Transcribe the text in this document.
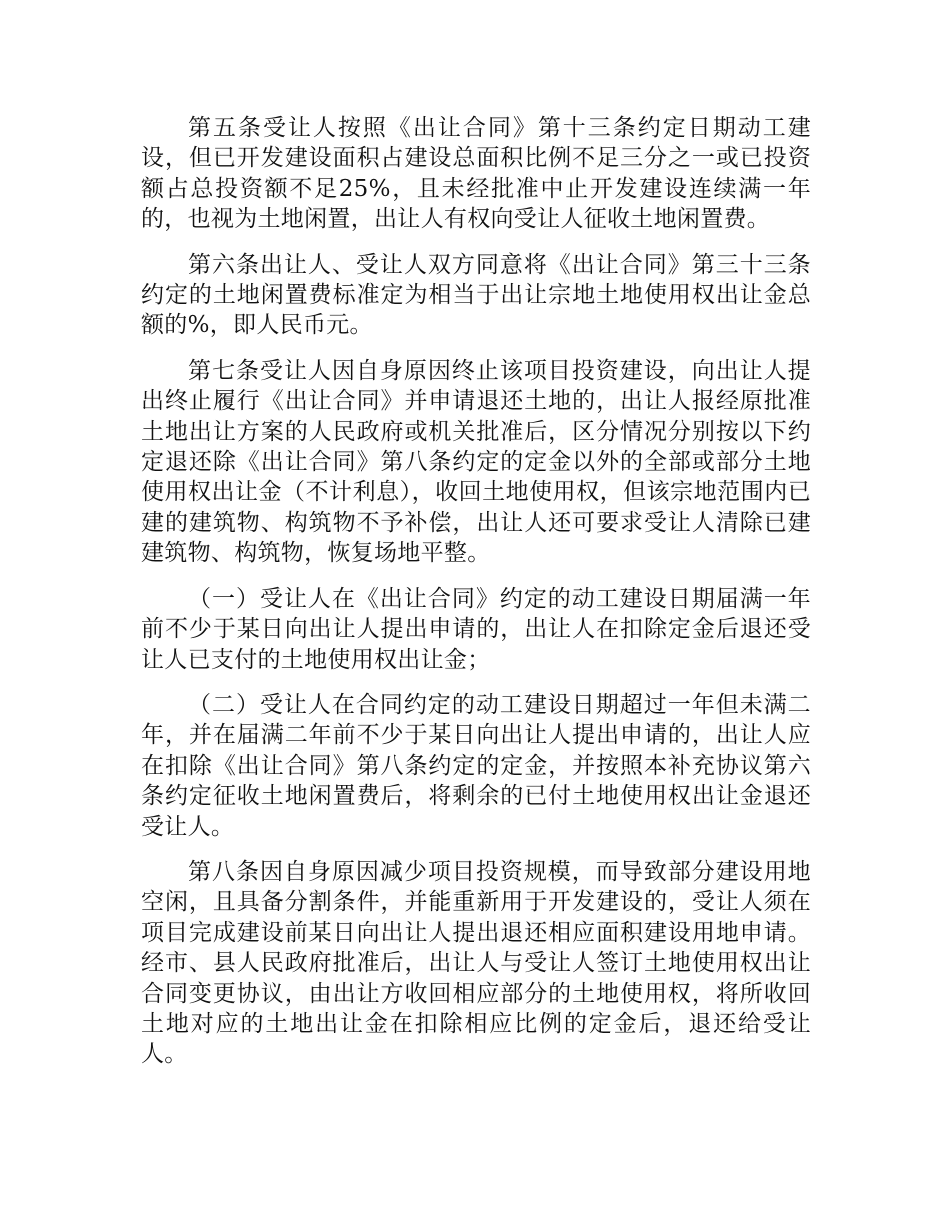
第五条受让人按照《出让合同》第十三条约定日期动工建设，但已开发建设面积占建设总面积比例不足三分之一或已投资额占总投资额不足25%，且未经批准中止开发建设连续满一年的，也视为土地闲置，出让人有权向受让人征收土地闲置费。

第六条出让人、受让人双方同意将《出让合同》第三十三条约定的土地闲置费标准定为相当于出让宗地土地使用权出让金总额的%，即人民币元。

第七条受让人因自身原因终止该项目投资建设，向出让人提出终止履行《出让合同》并申请退还土地的，出让人报经原批准土地出让方案的人民政府或机关批准后，区分情况分别按以下约定退还除《出让合同》第八条约定的定金以外的全部或部分土地使用权出让金（不计利息），收回土地使用权，但该宗地范围内已建的建筑物、构筑物不予补偿，出让人还可要求受让人清除已建建筑物、构筑物，恢复场地平整。

（一）受让人在《出让合同》约定的动工建设日期届满一年前不少于某日向出让人提出申请的，出让人在扣除定金后退还受让人已支付的土地使用权出让金；

（二）受让人在合同约定的动工建设日期超过一年但未满二年，并在届满二年前不少于某日向出让人提出申请的，出让人应在扣除《出让合同》第八条约定的定金，并按照本补充协议第六条约定征收土地闲置费后，将剩余的已付土地使用权出让金退还受让人。

第八条因自身原因减少项目投资规模，而导致部分建设用地空闲，且具备分割条件，并能重新用于开发建设的，受让人须在项目完成建设前某日向出让人提出退还相应面积建设用地申请。经市、县人民政府批准后，出让人与受让人签订土地使用权出让合同变更协议，由出让方收回相应部分的土地使用权，将所收回土地对应的土地出让金在扣除相应比例的定金后，退还给受让人。
